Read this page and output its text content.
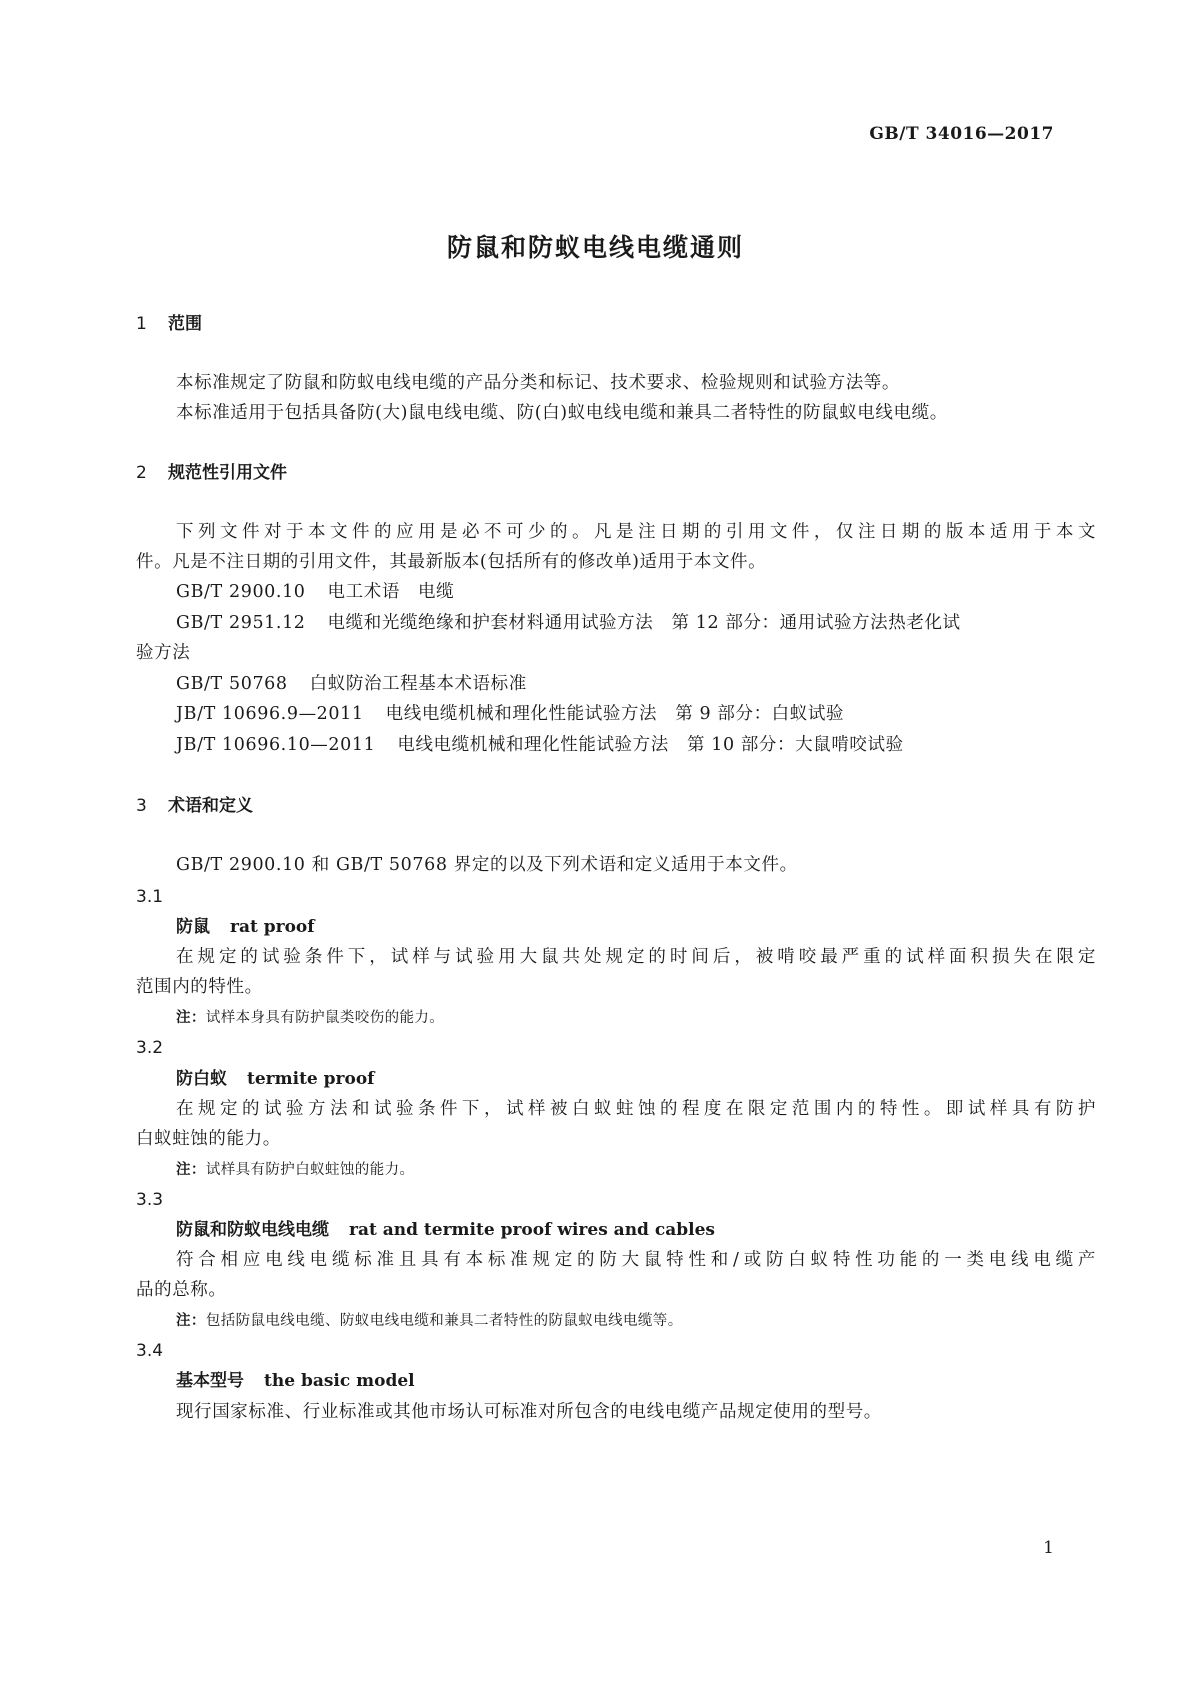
GB/T 34016—2017
防鼠和防蚁电线电缆通则
1 范围
本标准规定了防鼠和防蚁电线电缆的产品分类和标记、技术要求、检验规则和试验方法等。
本标准适用于包括具备防(大)鼠电线电缆、防(白)蚁电线电缆和兼具二者特性的防鼠蚁电线电缆。
2 规范性引用文件
下列文件对于本文件的应用是必不可少的。凡是注日期的引用文件，仅注日期的版本适用于本文
件。凡是不注日期的引用文件，其最新版本(包括所有的修改单)适用于本文件。
GB/T 2900.10 电工术语　电缆
GB/T 2951.12 电缆和光缆绝缘和护套材料通用试验方法　第 12 部分：通用试验方法热老化试
验方法
GB/T 50768 白蚁防治工程基本术语标准
JB/T 10696.9—2011 电线电缆机械和理化性能试验方法　第 9 部分：白蚁试验
JB/T 10696.10—2011 电线电缆机械和理化性能试验方法　第 10 部分：大鼠啃咬试验
3 术语和定义
GB/T 2900.10 和 GB/T 50768 界定的以及下列术语和定义适用于本文件。
3.1
防鼠 rat proof
在规定的试验条件下，试样与试验用大鼠共处规定的时间后，被啃咬最严重的试样面积损失在限定
范围内的特性。
注：试样本身具有防护鼠类咬伤的能力。
3.2
防白蚁 termite proof
在规定的试验方法和试验条件下，试样被白蚁蛀蚀的程度在限定范围内的特性。即试样具有防护
白蚁蛀蚀的能力。
注：试样具有防护白蚁蛀蚀的能力。
3.3
防鼠和防蚁电线电缆 rat and termite proof wires and cables
符合相应电线电缆标准且具有本标准规定的防大鼠特性和/或防白蚁特性功能的一类电线电缆产
品的总称。
注：包括防鼠电线电缆、防蚁电线电缆和兼具二者特性的防鼠蚁电线电缆等。
3.4
基本型号 the basic model
现行国家标准、行业标准或其他市场认可标准对所包含的电线电缆产品规定使用的型号。
1
